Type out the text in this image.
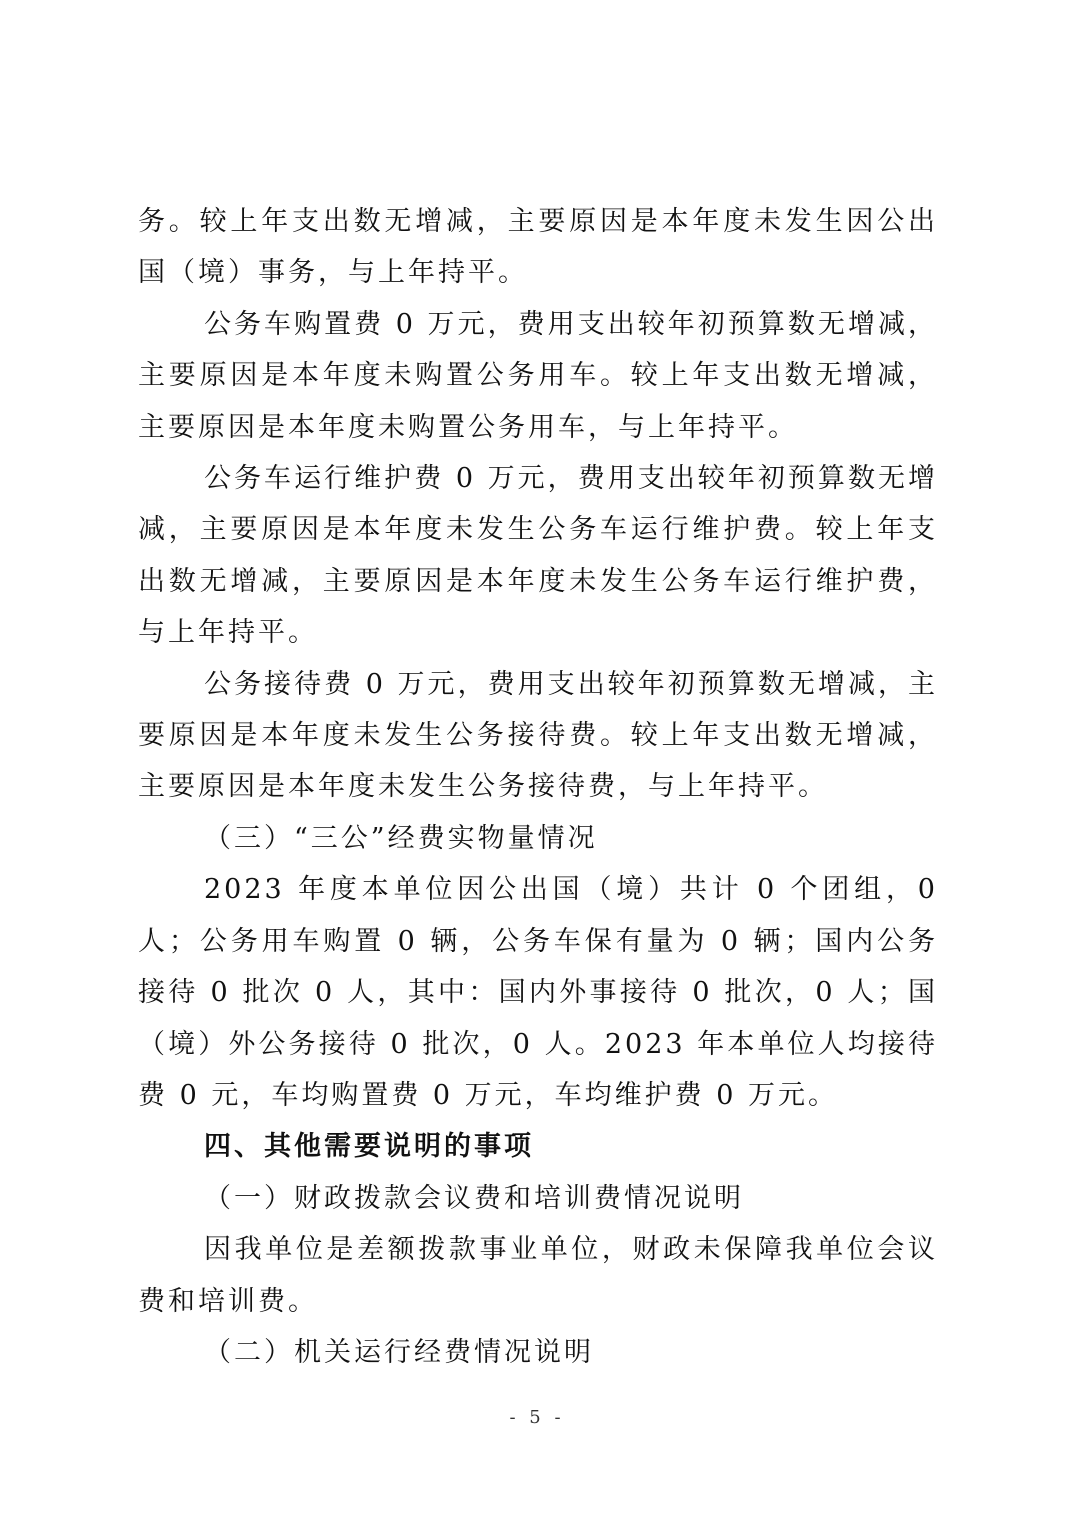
务。较上年支出数无增减，主要原因是本年度未发生因公出国（境）事务，与上年持平。

公务车购置费 0 万元，费用支出较年初预算数无增减，主要原因是本年度未购置公务用车。较上年支出数无增减，主要原因是本年度未购置公务用车，与上年持平。

公务车运行维护费 0 万元，费用支出较年初预算数无增减，主要原因是本年度未发生公务车运行维护费。较上年支出数无增减，主要原因是本年度未发生公务车运行维护费，与上年持平。

公务接待费 0 万元，费用支出较年初预算数无增减，主要原因是本年度未发生公务接待费。较上年支出数无增减，主要原因是本年度未发生公务接待费，与上年持平。

（三）“三公”经费实物量情况

2023 年度本单位因公出国（境）共计 0 个团组，0 人；公务用车购置 0 辆，公务车保有量为 0 辆；国内公务接待 0 批次 0 人，其中：国内外事接待 0 批次，0 人；国（境）外公务接待 0 批次，0 人。2023 年本单位人均接待费 0 元，车均购置费 0 万元，车均维护费 0 万元。

四、其他需要说明的事项

（一）财政拨款会议费和培训费情况说明

因我单位是差额拨款事业单位，财政未保障我单位会议费和培训费。

（二）机关运行经费情况说明

- 5 -
